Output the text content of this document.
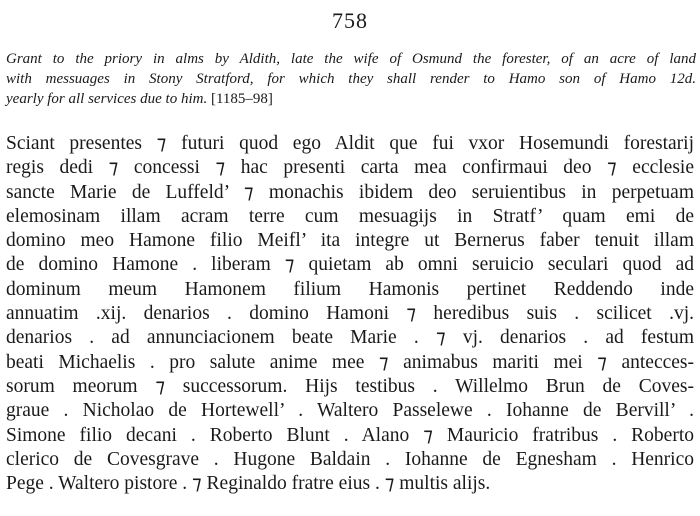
758
Grant to the priory in alms by Aldith, late the wife of Osmund the forester, of an acre of land
with messuages in Stony Stratford, for which they shall render to Hamo son of Hamo 12d.
yearly for all services due to him. [1185–98]
Sciant presentes ⁊ futuri quod ego Aldit que fui vxor Hosemundi forestarij
regis dedi ⁊ concessi ⁊ hac presenti carta mea confirmaui deo ⁊ ecclesie
sancte Marie de Luffeld’ ⁊ monachis ibidem deo seruientibus in perpetuam
elemosinam illam acram terre cum mesuagijs in Stratf’ quam emi de
domino meo Hamone filio Meifl’ ita integre ut Bernerus faber tenuit illam
de domino Hamone . liberam ⁊ quietam ab omni seruicio seculari quod ad
dominum meum Hamonem filium Hamonis pertinet Reddendo inde
annuatim .xij. denarios . domino Hamoni ⁊ heredibus suis . scilicet .vj.
denarios . ad annunciacionem beate Marie . ⁊ vj. denarios . ad festum
beati Michaelis . pro salute anime mee ⁊ animabus mariti mei ⁊ antecces-
sorum meorum ⁊ successorum. Hijs testibus . Willelmo Brun de Coves-
graue . Nicholao de Hortewell’ . Waltero Passelewe . Iohanne de Bervill’ .
Simone filio decani . Roberto Blunt . Alano ⁊ Mauricio fratribus . Roberto
clerico de Covesgrave . Hugone Baldain . Iohanne de Egnesham . Henrico
Pege . Waltero pistore . ⁊ Reginaldo fratre eius . ⁊ multis alijs.
